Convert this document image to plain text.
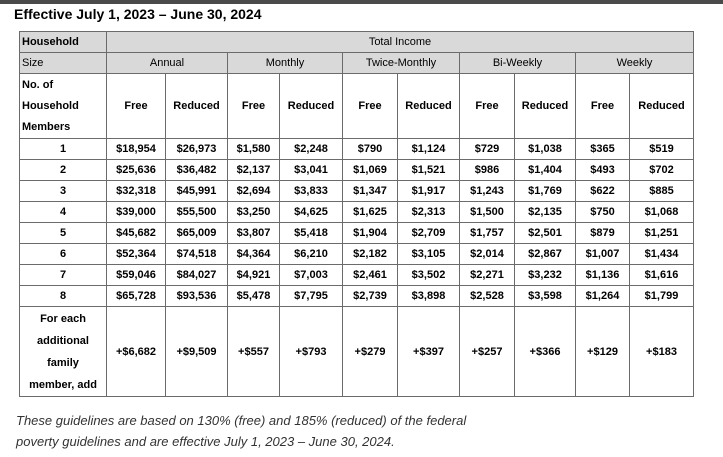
Effective July 1, 2023 – June 30, 2024
Household	Total Income									
Size	Annual		Monthly		Twice-Monthly		Bi-Weekly		Weekly	

No. of
Household
Members	Free	Reduced	Free	Reduced	Free	Reduced	Free	Reduced	Free	Reduced
1	$18,954	$26,973	$1,580	$2,248	$790	$1,124	$729	$1,038	$365	$519
2	$25,636	$36,482	$2,137	$3,041	$1,069	$1,521	$986	$1,404	$493	$702
3	$32,318	$45,991	$2,694	$3,833	$1,347	$1,917	$1,243	$1,769	$622	$885
4	$39,000	$55,500	$3,250	$4,625	$1,625	$2,313	$1,500	$2,135	$750	$1,068
5	$45,682	$65,009	$3,807	$5,418	$1,904	$2,709	$1,757	$2,501	$879	$1,251
6	$52,364	$74,518	$4,364	$6,210	$2,182	$3,105	$2,014	$2,867	$1,007	$1,434
7	$59,046	$84,027	$4,921	$7,003	$2,461	$3,502	$2,271	$3,232	$1,136	$1,616
8	$65,728	$93,536	$5,478	$7,795	$2,739	$3,898	$2,528	$3,598	$1,264	$1,799

For each
additional
family
member, add	+$6,682	+$9,509	+$557	+$793	+$279	+$397	+$257	+$366	+$129	+$183
These guidelines are based on 130% (free) and 185% (reduced) of the federal
poverty guidelines and are effective July 1, 2023 – June 30, 2024.
